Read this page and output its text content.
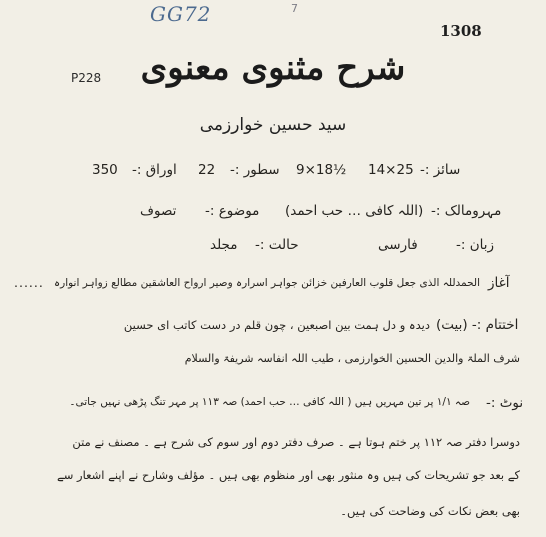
GG72	7
1308
P228	شرح مثنوی معنوی
سید حسین خوارزمی
سائز :-
14×25
9×18½
سطور :-
22
اوراق :-
350
مہرومالک :-
(اللہ کافی … حب احمد)
موضوع :-
تصوف
زبان :-
فارسی
حالت :-
مجلد
آغاز
الحمدللہ الذی جعل قلوب العارفین خزائن جواہر اسرارہ وصیر ارواح العاشقین مطالع زواہر انوارہ
......
اختتام :- (بیت)
دیدہ و دل ہمت بین اصبعین ، چون قلم در دست کاتب ای حسین
شرف الملۃ والدین الحسین الخوارزمی ، طیب اللہ انفاسہ شریفۃ والسلام
نوٹ :-
صہ ۱/۱ پر تین مہریں ہیں ( اللہ کافی … حب احمد) صہ ۱۱۳ پر مہر تنگ پڑھی نہیں جاتی۔
دوسرا دفتر صہ ۱۱۲ پر ختم ہوتا ہے ۔ صرف دفتر دوم اور سوم کی شرح ہے ۔ مصنف نے متن
کے بعد جو تشریحات کی ہیں وہ منثور بھی اور منظوم بھی ہیں ۔ مؤلف وشارح نے اپنے اشعار سے
بھی بعض نکات کی وضاحت کی ہیں۔
